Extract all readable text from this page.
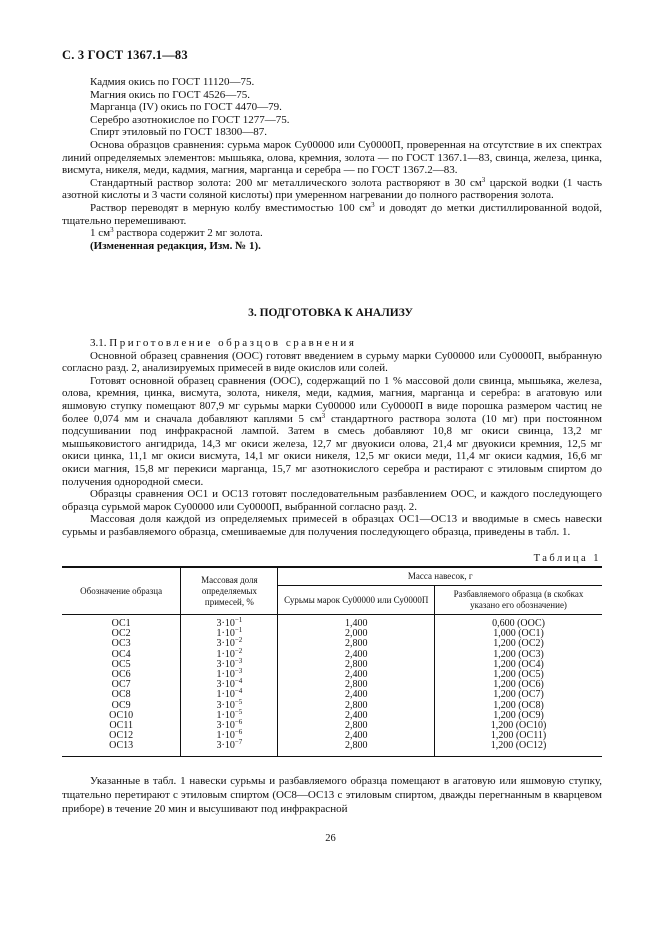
С. 3 ГОСТ 1367.1—83

Кадмия окись по ГОСТ 11120—75.

Магния окись по ГОСТ 4526—75.

Марганца (IV) окись по ГОСТ 4470—79.

Серебро азотнокислое по ГОСТ 1277—75.

Спирт этиловый по ГОСТ 18300—87.

Основа образцов сравнения: сурьма марок Су00000 или Су0000П, проверенная на отсутствие в их спектрах линий определяемых элементов: мышьяка, олова, кремния, золота — по ГОСТ 1367.1—83, свинца, железа, цинка, висмута, никеля, меди, кадмия, магния, марганца и серебра — по ГОСТ 1367.2—83.

Стандартный раствор золота: 200 мг металлического золота растворяют в 30 $см^3$ царской водки (1 часть азотной кислоты и 3 части соляной кислоты) при умеренном нагревании до полного растворения золота.

Раствор переводят в мерную колбу вместимостью 100 $см^3$ и доводят до метки дистиллированной водой, тщательно перемешивают.

1 $см^3$ раствора содержит 2 мг золота.

(Измененная редакция, Изм. № 1).

3. ПОДГОТОВКА К АНАЛИЗУ

3.1. Приготовление образцов сравнения

Основной образец сравнения (ООС) готовят введением в сурьму марки Су00000 или Су0000П, выбранную согласно разд. 2, анализируемых примесей в виде окислов или солей.

Готовят основной образец сравнения (ООС), содержащий по 1 % массовой доли свинца, мышьяка, железа, олова, кремния, цинка, висмута, золота, никеля, меди, кадмия, магния, марганца и серебра: в агатовую или яшмовую ступку помещают 807,9 мг сурьмы марки Су00000 или Су0000П в виде порошка размером частиц не более 0,074 мм и сначала добавляют каплями 5 $см^3$ стандартного раствора золота (10 мг) при постоянном подсушивании под инфракрасной лампой. Затем в смесь добавляют 10,8 мг окиси свинца, 13,2 мг мышьяковистого ангидрида, 14,3 мг окиси железа, 12,7 мг двуокиси олова, 21,4 мг двуокиси кремния, 12,5 мг окиси цинка, 11,1 мг окиси висмута, 14,1 мг окиси никеля, 12,5 мг окиси меди, 11,4 мг окиси кадмия, 16,6 мг окиси магния, 15,8 мг перекиси марганца, 15,7 мг азотнокислого серебра и растирают с этиловым спиртом до получения однородной смеси.

Образцы сравнения ОС1 и ОС13 готовят последовательным разбавлением ООС, и каждого последующего образца сурьмой марок Су00000 или Су0000П, выбранной согласно разд. 2.

Массовая доля каждой из определяемых примесей в образцах ОС1—ОС13 и вводимые в смесь навески сурьмы и разбавляемого образца, смешиваемые для получения последующего образца, приведены в табл. 1.

Таблица 1
Обозначение образца	Массовая доля определяемых примесей, %	Масса навесок, г	
		Сурьмы марок Су00000 или Су0000П	Разбавляемого образца (в скобках указано его обозначение)
ОС1	$3\cdot 10^{-1}$	1,400	0,600 (ООС)
ОС2	$1\cdot 10^{-1}$	2,000	1,000 (ОС1)
ОС3	$3\cdot 10^{-2}$	2,800	1,200 (ОС2)
ОС4	$1\cdot 10^{-2}$	2,400	1,200 (ОС3)
ОС5	$3\cdot 10^{-3}$	2,800	1,200 (ОС4)
ОС6	$1\cdot 10^{-3}$	2,400	1,200 (ОС5)
ОС7	$3\cdot 10^{-4}$	2,800	1,200 (ОС6)
ОС8	$1\cdot 10^{-4}$	2,400	1,200 (ОС7)
ОС9	$3\cdot 10^{-5}$	2,800	1,200 (ОС8)
ОС10	$1\cdot 10^{-5}$	2,400	1,200 (ОС9)
ОС11	$3\cdot 10^{-6}$	2,800	1,200 (ОС10)
ОС12	$1\cdot 10^{-6}$	2,400	1,200 (ОС11)
ОС13	$3\cdot 10^{-7}$	2,800	1,200 (ОС12)

Указанные в табл. 1 навески сурьмы и разбавляемого образца помещают в агатовую или яшмовую ступку, тщательно перетирают с этиловым спиртом (ОС8—ОС13 с этиловым спиртом, дважды перегнанным в кварцевом приборе) в течение 20 мин и высушивают под инфракрасной

26
